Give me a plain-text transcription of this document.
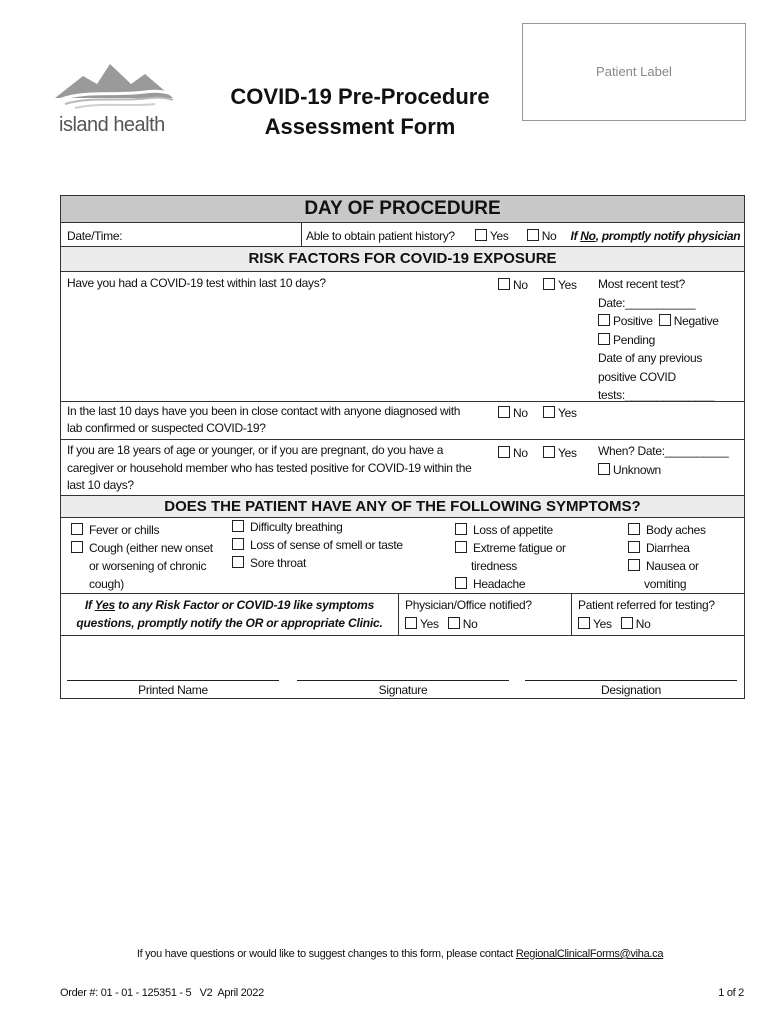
island health
COVID-19 Pre-Procedure
Assessment Form
Patient Label
DAY OF PROCEDURE
Date/Time:	Able to obtain patient history?	Yes	No If No, promptly notify physician
RISK FACTORS FOR COVID-19 EXPOSURE
Have you had a COVID-19 test within last 10 days?	No	Yes Most recent test?
Date:___________
Positive Negative
Pending
Date of any previous
positive COVID
tests:______________
In the last 10 days have you been in close contact with anyone diagnosed with
lab confirmed or suspected COVID-19?
No	Yes
If you are 18 years of age or younger, or if you are pregnant, do you have a
caregiver or household member who has tested positive for COVID-19 within the
last 10 days?
No	Yes When? Date:__________
Unknown
DOES THE PATIENT HAVE ANY OF THE FOLLOWING SYMPTOMS?
Fever or chills
Cough (either new onset
or worsening of chronic
cough)
Difficulty breathing
Loss of sense of smell or taste
Sore throat
Loss of appetite
Extreme fatigue or
tiredness
Headache
Body aches
Diarrhea
Nausea or
vomiting
If Yes to any Risk Factor or COVID-19 like symptoms
questions, promptly notify the OR or appropriate Clinic.
Physician/Office notified?
Yes No
Patient referred for testing?
Yes No
Printed Name	Signature	Designation
If you have questions or would like to suggest changes to this form, please contact RegionalClinicalForms@viha.ca
Order #: 01 - 01 - 125351 - 5   V2  April 2022	1 of 2
